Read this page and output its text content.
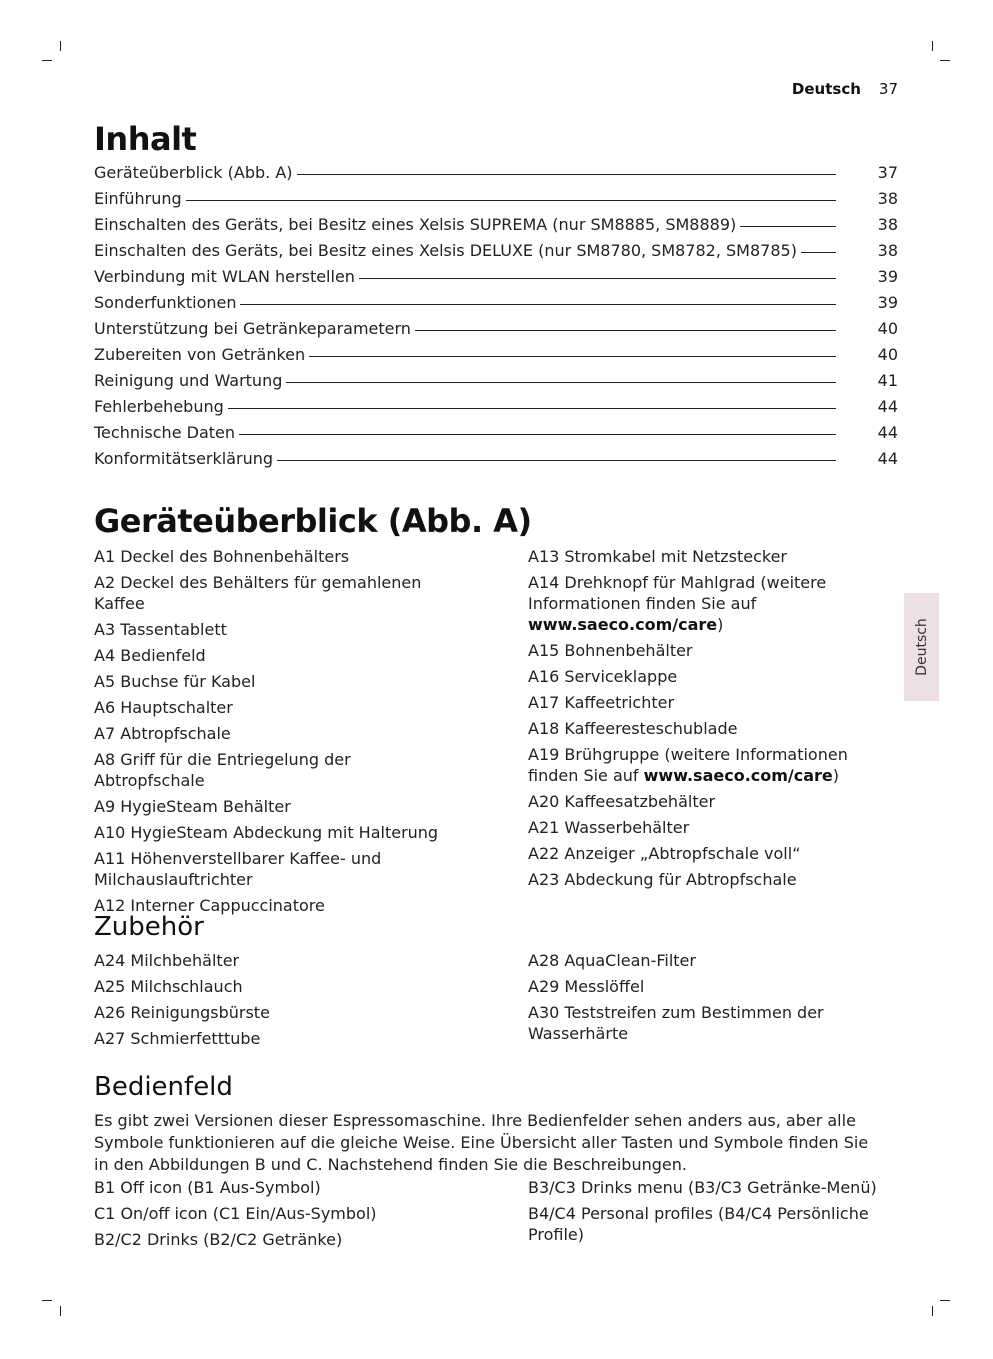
Deutsch 37
Inhalt
Geräteüberblick (Abb. A)	37
Einführung	38
Einschalten des Geräts, bei Besitz eines Xelsis SUPREMA (nur SM8885, SM8889)	38
Einschalten des Geräts, bei Besitz eines Xelsis DELUXE (nur SM8780, SM8782, SM8785)	38
Verbindung mit WLAN herstellen	39
Sonderfunktionen	39
Unterstützung bei Getränkeparametern	40
Zubereiten von Getränken	40
Reinigung und Wartung	41
Fehlerbehebung	44
Technische Daten	44
Konformitätserklärung	44
Geräteüberblick (Abb. A)
A1 Deckel des Bohnenbehälters
A2 Deckel des Behälters für gemahlenen Kaffee
A3 Tassentablett
A4 Bedienfeld
A5 Buchse für Kabel
A6 Hauptschalter
A7 Abtropfschale
A8 Griff für die Entriegelung der Abtropfschale
A9 HygieSteam Behälter
A10 HygieSteam Abdeckung mit Halterung
A11 Höhenverstellbarer Kaffee- und Milchauslauftrichter
A12 Interner Cappuccinatore
A13 Stromkabel mit Netzstecker
A14 Drehknopf für Mahlgrad (weitere Informationen finden Sie auf www.saeco.com/care)
A15 Bohnenbehälter
A16 Serviceklappe
A17 Kaffeetrichter
A18 Kaffeeresteschublade
A19 Brühgruppe (weitere Informationen finden Sie auf www.saeco.com/care)
A20 Kaffeesatzbehälter
A21 Wasserbehälter
A22 Anzeiger „Abtropfschale voll“
A23 Abdeckung für Abtropfschale
Zubehör
A24 Milchbehälter
A25 Milchschlauch
A26 Reinigungsbürste
A27 Schmierfetttube
A28 AquaClean-Filter
A29 Messlöffel
A30 Teststreifen zum Bestimmen der Wasserhärte
Bedienfeld
Es gibt zwei Versionen dieser Espressomaschine. Ihre Bedienfelder sehen anders aus, aber alle Symbole funktionieren auf die gleiche Weise. Eine Übersicht aller Tasten und Symbole finden Sie in den Abbildungen B und C. Nachstehend finden Sie die Beschreibungen.
B1 Off icon (B1 Aus-Symbol)
C1 On/off icon (C1 Ein/Aus-Symbol)
B2/C2 Drinks (B2/C2 Getränke)
B3/C3 Drinks menu (B3/C3 Getränke-Menü)
B4/C4 Personal profiles (B4/C4 Persönliche Profile)
Deutsch
